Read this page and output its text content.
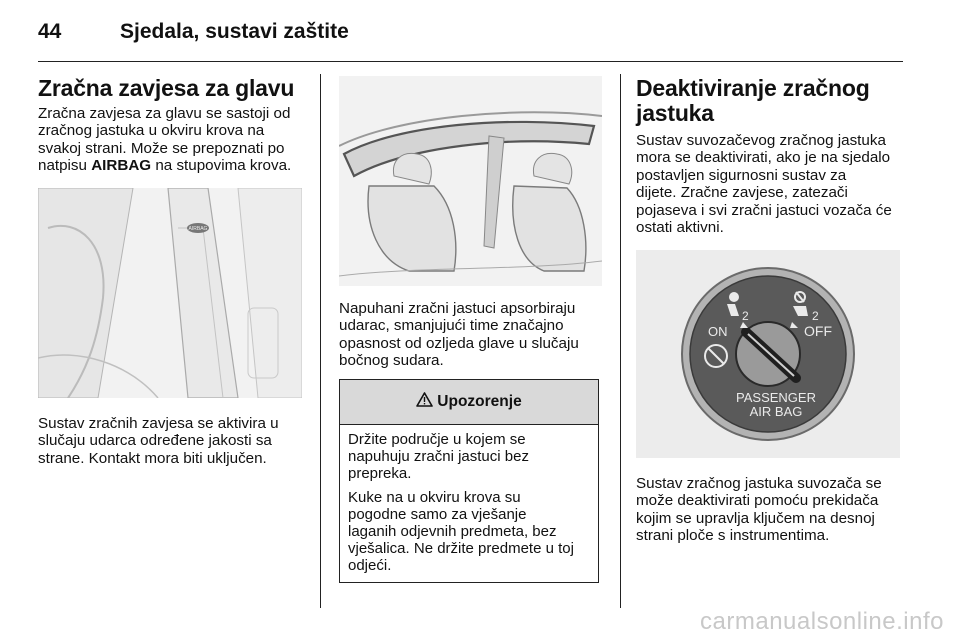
44	Sjedala, sustavi zaštite
Zračna zavjesa za glavu

Zračna zavjesa za glavu se sastoji od

zračnog jastuka u okviru krova na

svakoj strani. Može se prepoznati po

natpisu AIRBAG na stupovima krova.

AIRBAG

Sustav zračnih zavjesa se aktivira u

slučaju udarca određene jakosti sa

strane. Kontakt mora biti uključen.

Napuhani zračni jastuci apsorbiraju

udarac, smanjujući time značajno

opasnost od ozljeda glave u slučaju

bočnog sudara.

Upozorenje

Držite područje u kojem se
napuhuju zračni jastuci bez
prepreka.

Kuke na u okviru krova su
pogodne samo za vješanje
laganih odjevnih predmeta, bez
vješalica. Ne držite predmete u toj
odjeći.

Deaktiviranje zračnog
jastuka

Sustav suvozačevog zračnog jastuka

mora se deaktivirati, ako je na sjedalo

postavljen sigurnosni sustav za

dijete. Zračne zavjese, zatezači

pojaseva i svi zračni jastuci vozača će

ostati aktivni.

2
ON
2
OFF
PASSENGER
AIR BAG

Sustav zračnog jastuka suvozača se

može deaktivirati pomoću prekidača

kojim se upravlja ključem na desnoj

strani ploče s instrumentima.

carmanualsonline.info
